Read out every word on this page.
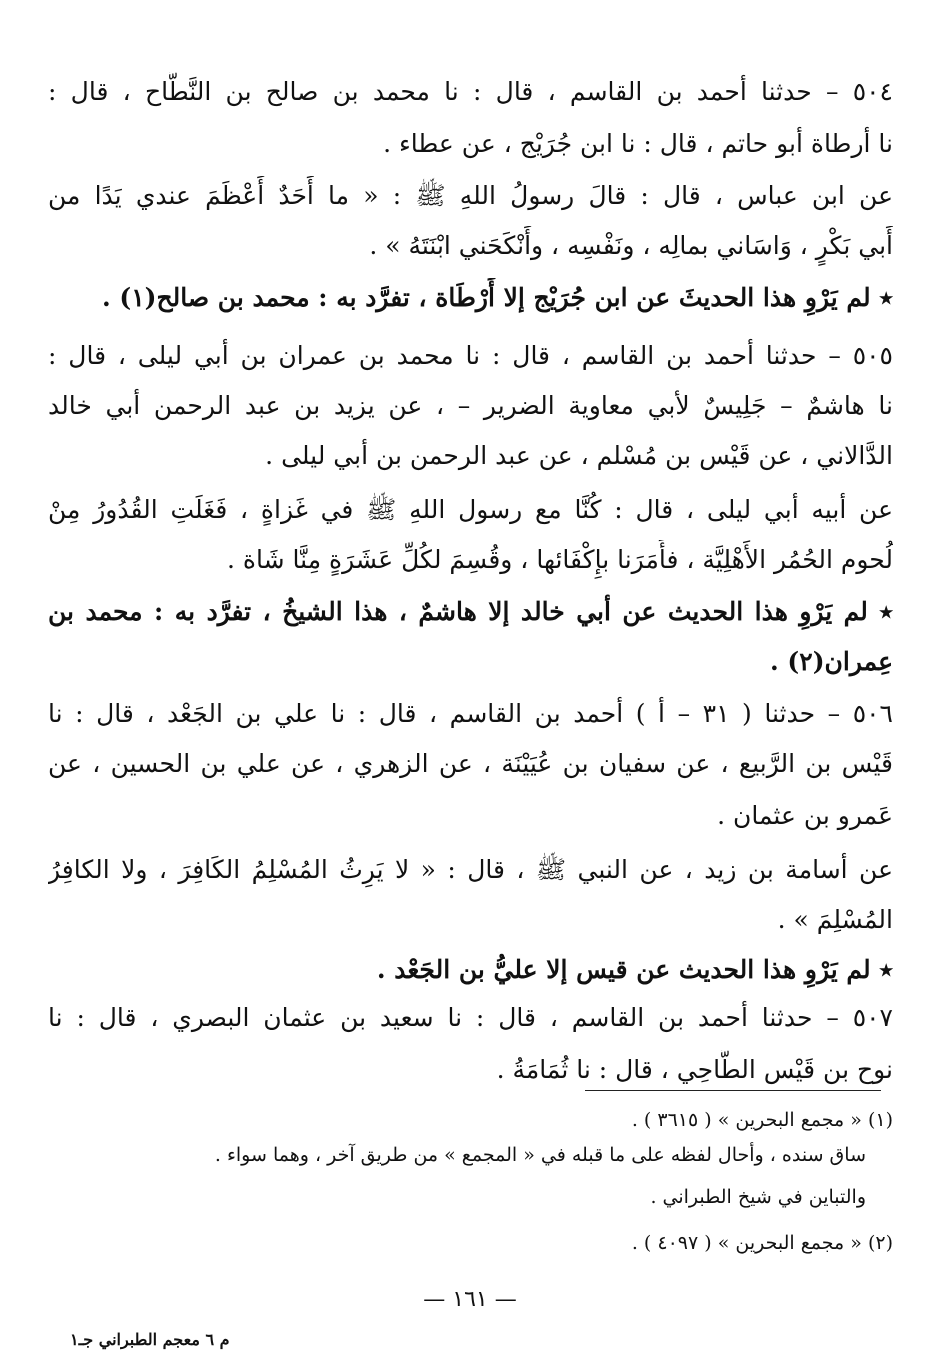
٥٠٤ – حدثنا أحمد بن القاسم ، قال : نا محمد بن صالح بن النَّطَّاح ، قال :
نا أرطاة أبو حاتم ، قال : نا ابن جُرَيْج ، عن عطاء .
عن ابن عباس ، قال : قالَ رسولُ اللهِ ﷺ : « ما أَحَدٌ أَعْظَمَ عندي يَدًا من
أَبي بَكْرٍ ، وَاسَاني بمالِه ، ونَفْسِه ، وأَنْكَحَني ابْنَتَهُ » .
٭ لم يَرْوِ هذا الحديثَ عن ابن جُرَيْج إلا أَرْطَاة ، تفرَّد به : محمد بن صالح(١) .
٥٠٥ – حدثنا أحمد بن القاسم ، قال : نا محمد بن عمران بن أبي ليلى ، قال :
نا هاشمٌ – جَلِيسٌ لأبي معاوية الضرير – ، عن يزيد بن عبد الرحمن أبي خالد
الدَّالاني ، عن قَيْس بن مُسْلم ، عن عبد الرحمن بن أبي ليلى .
عن أبيه أبي ليلى ، قال : كُنَّا مع رسول اللهِ ﷺ في غَزاةٍ ، فَغَلَتِ القُدُورُ مِنْ
لُحوم الحُمُر الأَهْلِيَّة ، فأَمَرَنا بإِكْفَائها ، وقُسِمَ لكُلِّ عَشَرَةٍ مِنَّا شَاة .
٭ لم يَرْوِ هذا الحديث عن أبي خالد إلا هاشمٌ ، هذا الشيخُ ، تفرَّد به : محمد بن
عِمران(٢) .
٥٠٦ – حدثنا ( ٣١ – أ ) أحمد بن القاسم ، قال : نا علي بن الجَعْد ، قال : نا
قَيْس بن الرَّبيع ، عن سفيان بن عُيَيْنَة ، عن الزهري ، عن علي بن الحسين ، عن
عَمرو بن عثمان .
عن أسامة بن زيد ، عن النبي ﷺ ، قال : « لا يَرِثُ المُسْلِمُ الكَافِرَ ، ولا الكافِرُ
المُسْلِمَ » .
٭ لم يَرْوِ هذا الحديث عن قيس إلا عليُّ بن الجَعْد .
٥٠٧ – حدثنا أحمد بن القاسم ، قال : نا سعيد بن عثمان البصري ، قال : نا
نوح بن قَيْس الطَّاحِي ، قال : نا ثُمَامَةُ .
(١) « مجمع البحرين » ( ٣٦١٥ ) .
ساق سنده ، وأحال لفظه على ما قبله في « المجمع » من طريق آخر ، وهما سواء .
والتباين في شيخ الطبراني .
(٢) « مجمع البحرين » ( ٤٠٩٧ ) .
— ١٦١ —
م ٦ معجم الطبراني جـ١
